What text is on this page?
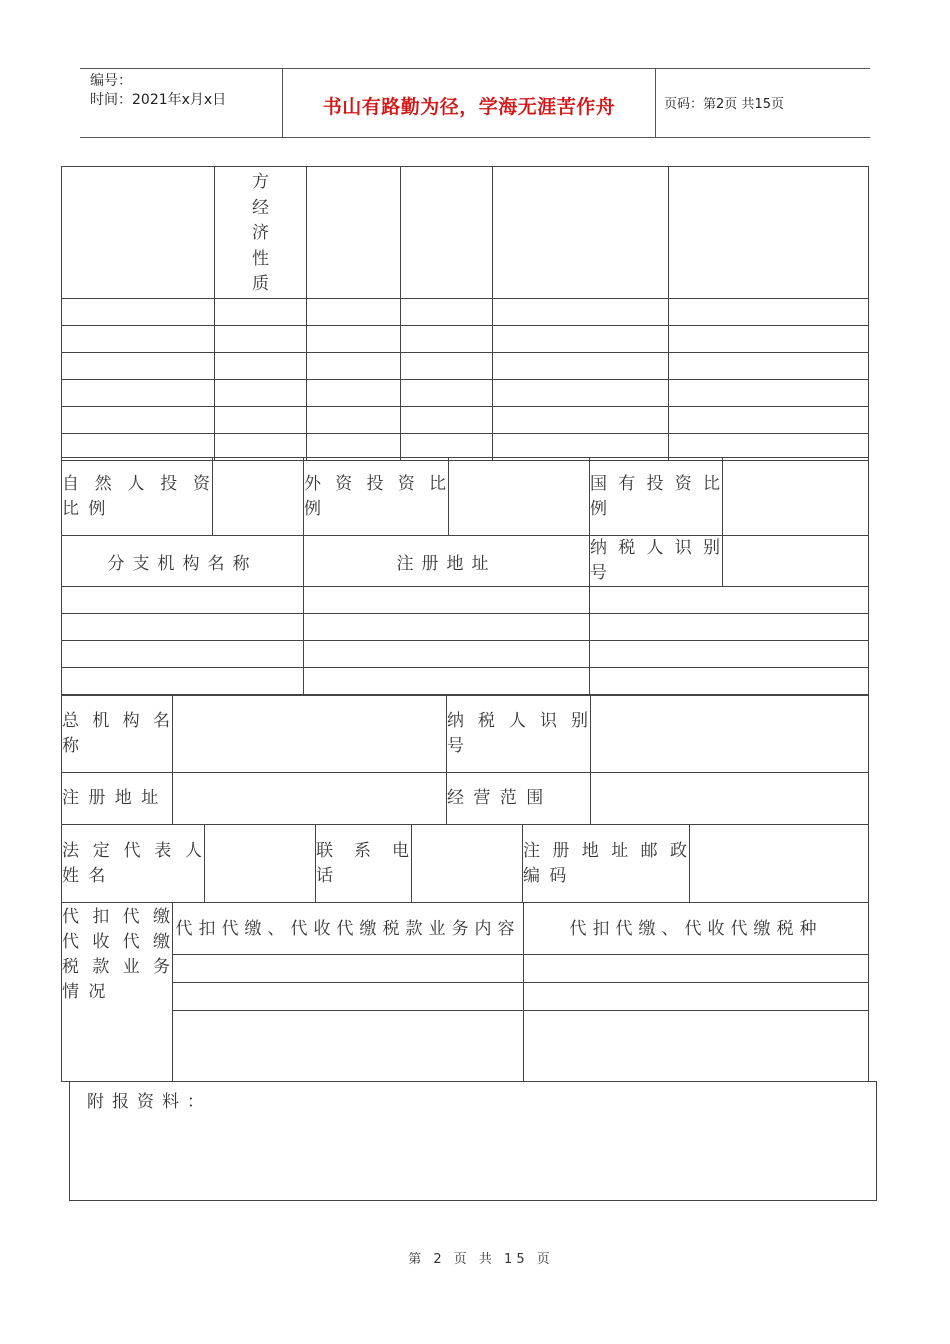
编号：
时间：2021年x月x日	书山有路勤为径，学海无涯苦作舟	页码：第2页 共15页

	方
经
济
性
质				

自 然 人 投 资 比 例		外 资 投 资 比 例		国 有 投 资 比 例	
分支机构名称	注册地址	纳 税 人 识 别 号	

总 机 构 名 称		纳 税 人 识 别 号	
注 册 地 址		经 营 范 围	
法 定 代 表 人 姓 名		联 系 电 话		注 册 地 址 邮 政 编 码	
代 扣 代 缴 代 收 代 缴 税 款 业 务 情 况	代扣代缴、代收代缴税款业务内容	代扣代缴、代收代缴税种

附报资料：
第 2 页 共 15 页
